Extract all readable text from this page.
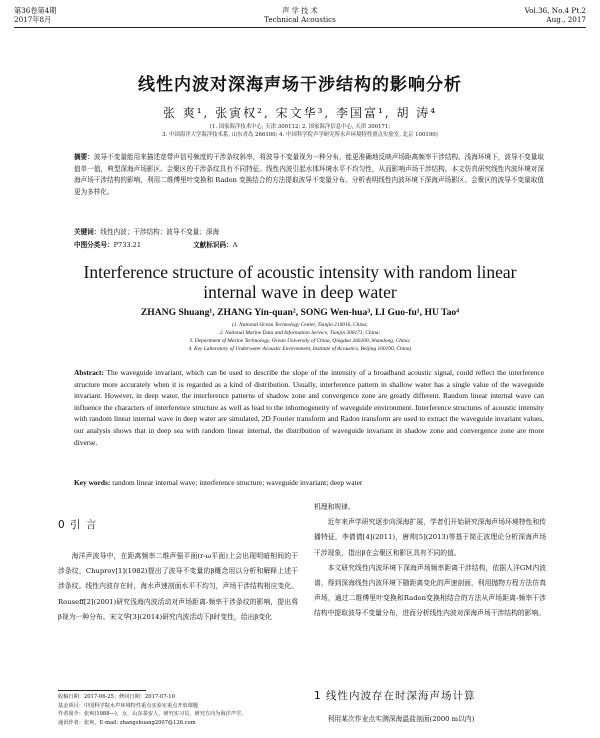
第36卷第4期
2017年8月
声 学 技 术
Technical Acoustics
Vol.36, No.4 Pt.2
Aug., 2017
线性内波对深海声场干涉结构的影响分析
张 爽¹, 张寅权², 宋文华³, 李国富¹, 胡 涛⁴
(1. 国家海洋技术中心, 天津 300112; 2. 国家海洋信息中心, 天津 300171;
3. 中国海洋大学海洋技术系, 山东青岛 266100; 4. 中国科学院声学研究所水声环境特性重点实验室, 北京 100190)
摘要：波导不变量能用来描述宽带声信号频度的干涉条纹斜率，将波导不变量视为一种分布，能更准确地反映声场距离频率干涉结构。浅海环境下，波导不变量取值单一值，典型深海声场影区、会聚区的干涉条纹具有不同特征。线性内波引起水体环境水平不均匀性，从而影响声场干涉结构。本文仿真研究线性内波环境对深海声场干涉结构的影响，利用二维傅里叶变换和 Radon 变换结合的方法提取波导不变量分布。分析表明线性内波环境下深海声场影区、会聚区的波导不变量取值更为多样化。
关键词：线性内波；干涉结构；波导不变量；深海
中图分类号：P733.21	文献标识码：A
Interference structure of acoustic intensity with random linear
internal wave in deep water
ZHANG Shuang¹, ZHANG Yin-quan², SONG Wen-hua³, LI Guo-fu¹, HU Tao⁴
(1. National Ocean Technology Center, Tianjin 210016, China;
2. National Marine Data and Information Service, Tianjin 300171, China;
3. Department of Marine Technology, Ocean University of China, Qingdao 266100, Shandong, China;
4. Key Laboratory of Underwater Acoustic Environment, Institute of Acoustics, Beijing 100190, China)
Abstract: The waveguide invariant, which can be used to describe the slope of the intensity of a broadband acoustic signal, could reflect the interference structure more accurately when it is regarded as a kind of distribution. Usually, interference pattern in shallow water has a single value of the waveguide invariant. However, in deep water, the interference patterns of shadow zone and convergence zone are greatly different. Random linear internal wave can influence the characters of interference structure as well as lead to the inhomogeneity of waveguide environment. Interference structures of acoustic intensity with random linear internal wave in deep water are simulated, 2D Fourier transform and Radon transform are used to extract the waveguide invariant values, our analysis shows that in deep sea with random linear internal, the distribution of waveguide invariant in shadow zone and convergence zone are more diverse.
Key words: random linear internal wave; interference structure; waveguide invariant; deep water
0 引 言

海洋声波导中，在距离频率二维声强平面(r-ω平面)上会出现明暗相间的干涉条纹，Chuprov[1](1982)提出了波导不变量的β概念用以分析和解释上述干涉条纹。线性内波存在时，海水声速剖面水平不均匀，声场干涉结构相应变化。Rouseff[2](2001)研究浅海内波活动对声场距离-频率干涉条纹的影响，提出将β视为一种分布。宋文华[3](2014)研究内波活动下β时变性，给出β变化

收稿日期：2017-06-25；修回日期：2017-07-10
基金项目：中国科学院水声环境特性重点实验室重点开放课题
作者简介：张爽(1988—)，女，山东泰安人，研究实习员，研究方向为海洋声学。
通讯作者：张爽，E-mail: zhangshuang2007@126.com
机理和规律。

近年来声学研究逐步向深海扩展，学者们开始研究深海声场环境特性和传播特征，李倩倩[4](2011)，唐帅[5](2013)等基于简正波理论分析深海声场干涉现象，指出β在会聚区和影区具有不同的值。

本文研究线性内波环境下深海声场频率距离干涉结构，依据人洋GM内波谱，得到深海线性内波环境下随距离变化的声速剖面，利用抛物方程方法仿真声场，通过二维傅里叶变换和Radon变换相结合的方法从声场距离-频率干涉结构中提取波导不变量分布，进而分析线性内波对深海声场干涉结构的影响。

1 线性内波存在时深海声场计算

利用某次作业点实测深海温盐剖面(2000 m以内)
